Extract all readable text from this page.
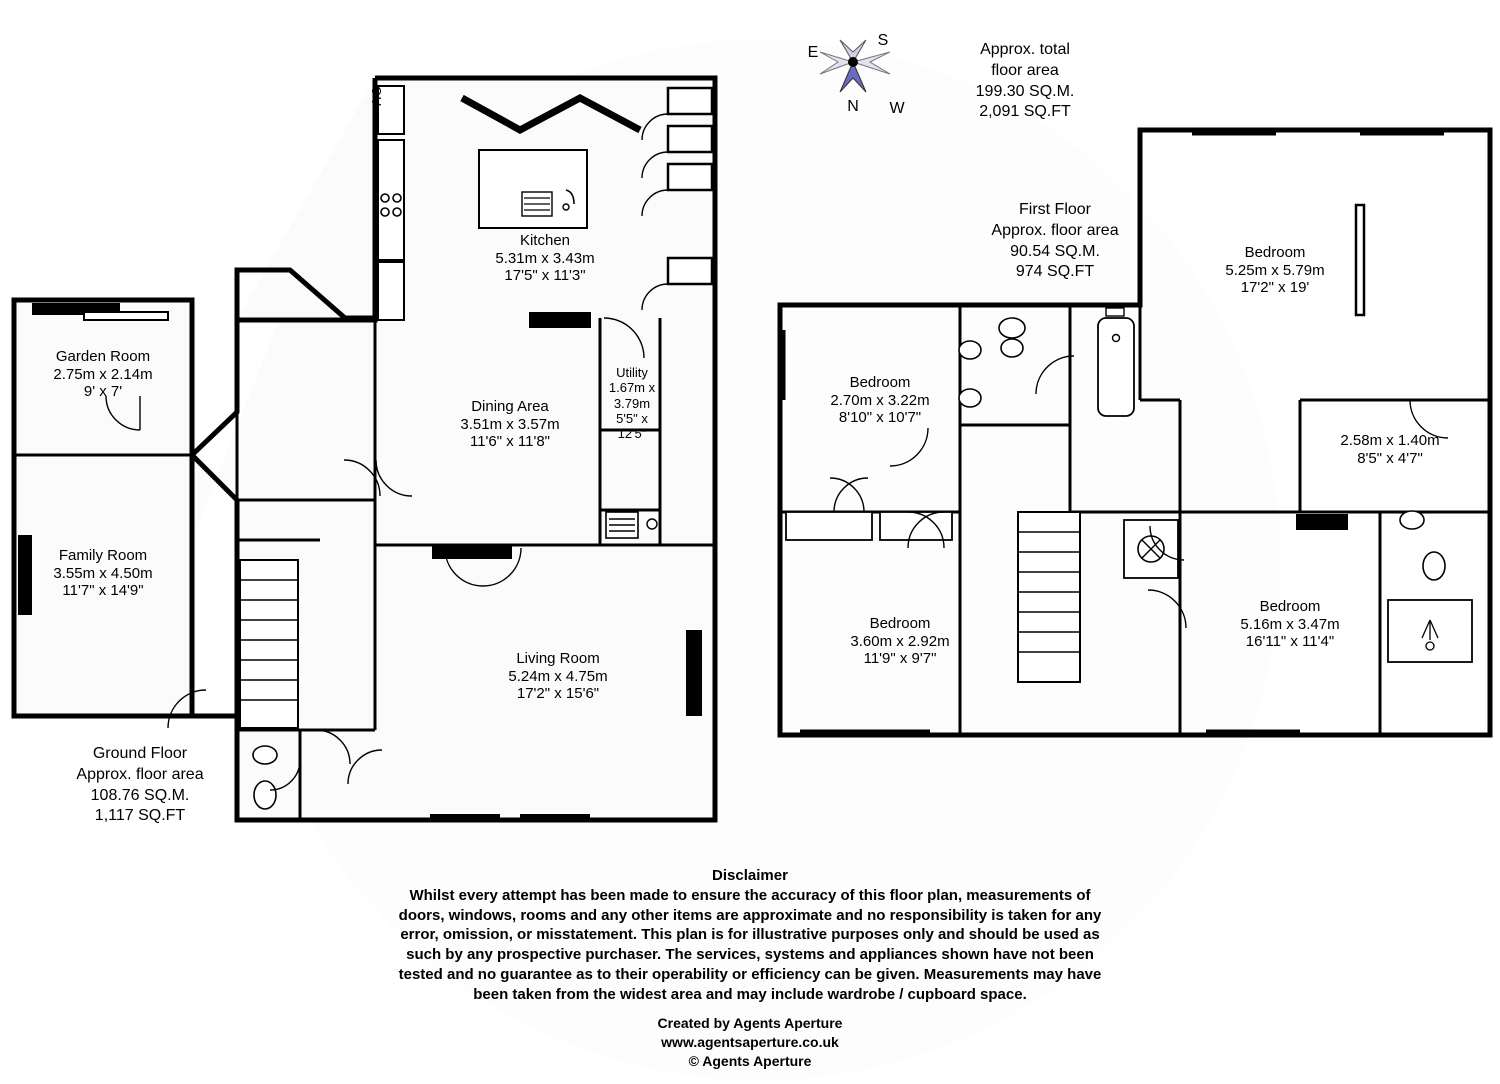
OV	N
S
E
W
Approx. total
floor area
199.30 SQ.M.
2,091 SQ.FT
First Floor
Approx. floor area
90.54 SQ.M.
974 SQ.FT
Ground Floor
Approx. floor area
108.76 SQ.M.
1,117 SQ.FT
Kitchen
5.31m x 3.43m
17'5" x 11'3"
Garden Room
2.75m x 2.14m
9' x 7'
Family Room
3.55m x 4.50m
11'7" x 14'9"
Dining Area
3.51m x 3.57m
11'6" x 11'8"
Living Room
5.24m x 4.75m
17'2" x 15'6"
Utility
1.67m x
3.79m
5'5" x
12'5"
Bedroom
5.25m x 5.79m
17'2" x 19'
Bedroom
2.70m x 3.22m
8'10" x 10'7"
Bedroom
3.60m x 2.92m
11'9" x 9'7"
Bedroom
5.16m x 3.47m
16'11" x 11'4"
2.58m x 1.40m
8'5" x 4'7"
Disclaimer
Whilst every attempt has been made to ensure the accuracy of this floor plan, measurements of
doors, windows, rooms and any other items are approximate and no responsibility is taken for any
error, omission, or misstatement. This plan is for illustrative purposes only and should be used as
such by any prospective purchaser. The services, systems and appliances shown have not been
tested and no guarantee as to their operability or efficiency can be given. Measurements may have
been taken from the widest area and may include wardrobe / cupboard space.
Created by Agents Aperture
www.agentsaperture.co.uk
© Agents Aperture
